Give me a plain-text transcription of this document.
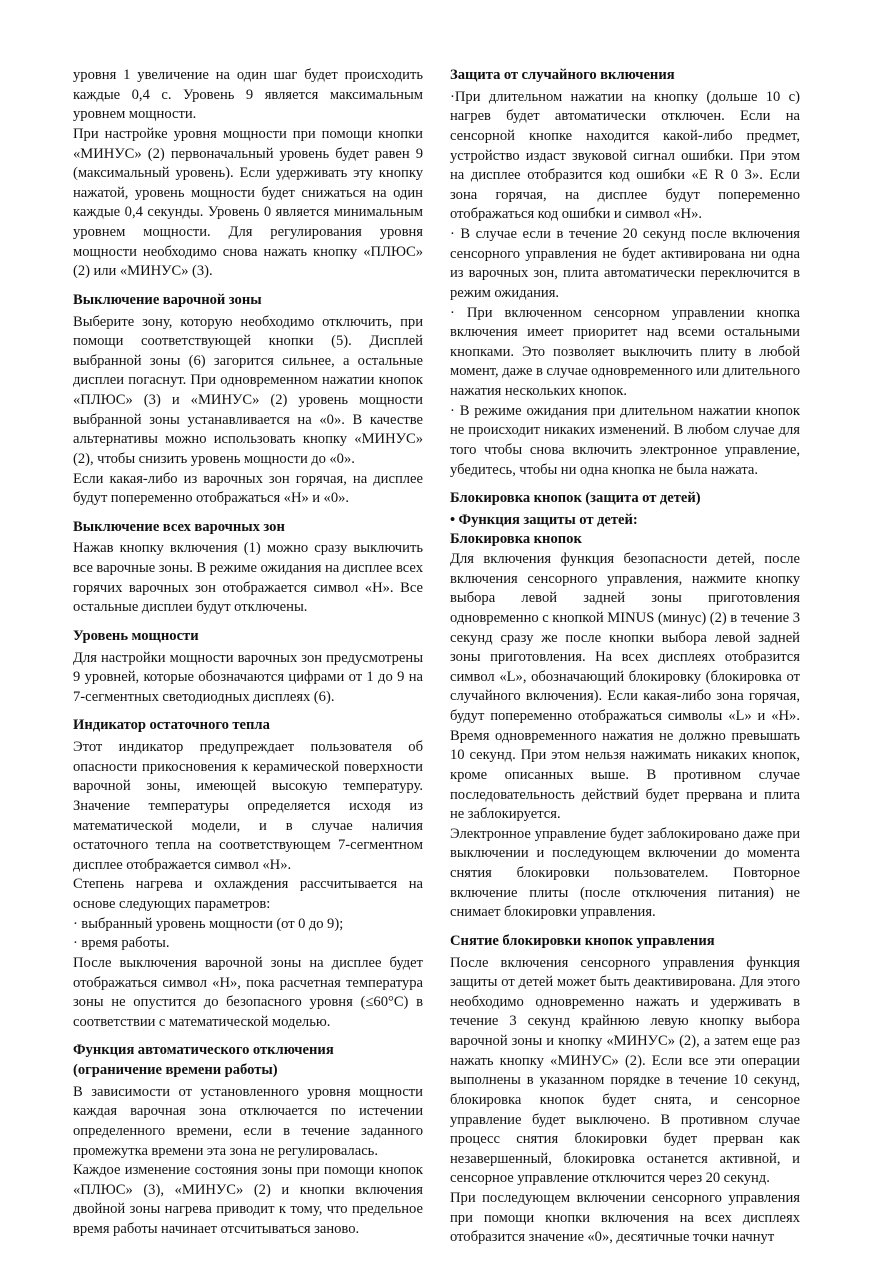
уровня 1 увеличение на один шаг будет происходить каждые 0,4 с. Уровень 9 является максимальным уровнем мощности.

При настройке уровня мощности при помощи кнопки «МИНУС» (2) первоначальный уровень будет равен 9 (максимальный уровень). Если удерживать эту кнопку нажатой, уровень мощности будет снижаться на один каждые 0,4 секунды. Уровень 0 является минимальным уровнем мощности. Для регулирования уровня мощности необходимо снова нажать кнопку «ПЛЮС» (2) или «МИНУС» (3).

Выключение варочной зоны

Выберите зону, которую необходимо отключить, при помощи соответствующей кнопки (5). Дисплей выбранной зоны (6) загорится сильнее, а остальные дисплеи погаснут. При одновременном нажатии кнопок «ПЛЮС» (3) и «МИНУС» (2) уровень мощности выбранной зоны устанавливается на «0». В качестве альтернативы можно использовать кнопку «МИНУС» (2), чтобы снизить уровень мощности до «0».

Если какая-либо из варочных зон горячая, на дисплее будут попеременно отображаться «Н» и «0».

Выключение всех варочных зон

Нажав кнопку включения (1) можно сразу выключить все варочные зоны. В режиме ожидания на дисплее всех горячих варочных зон отображается символ «Н». Все остальные дисплеи будут отключены.

Уровень мощности

Для настройки мощности варочных зон предусмотрены 9 уровней, которые обозначаются цифрами от 1 до 9 на 7-сегментных светодиодных дисплеях (6).

Индикатор остаточного тепла

Этот индикатор предупреждает пользователя об опасности прикосновения к керамической поверхности варочной зоны, имеющей высокую температуру. Значение температуры определяется исходя из математической модели, и в случае наличия остаточного тепла на соответствующем 7-сегментном дисплее отображается символ «Н».

Степень нагрева и охлаждения рассчитывается на основе следующих параметров:

· выбранный уровень мощности (от 0 до 9);

· время работы.

После выключения варочной зоны на дисплее будет отображаться символ «Н», пока расчетная температура зоны не опустится до безопасного уровня (≤60°C) в соответствии с математической моделью.

Функция автоматического отключения (ограничение времени работы)

В зависимости от установленного уровня мощности каждая варочная зона отключается по истечении определенного времени, если в течение заданного промежутка времени эта зона не регулировалась.

Каждое изменение состояния зоны при помощи кнопок «ПЛЮС» (3), «МИНУС» (2) и кнопки включения двойной зоны нагрева приводит к тому, что предельное время работы начинает отсчитываться заново.

Защита от случайного включения

·При длительном нажатии на кнопку (дольше 10 с) нагрев будет автоматически отключен. Если на сенсорной кнопке находится какой-либо предмет, устройство издаст звуковой сигнал ошибки. При этом на дисплее отобразится код ошибки «E R 0 3». Если зона горячая, на дисплее будут попеременно отображаться код ошибки и символ «Н».

· В случае если в течение 20 секунд после включения сенсорного управления не будет активирована ни одна из варочных зон, плита автоматически переключится в режим ожидания.

· При включенном сенсорном управлении кнопка включения имеет приоритет над всеми остальными кнопками. Это позволяет выключить плиту в любой момент, даже в случае одновременного или длительного нажатия нескольких кнопок.

· В режиме ожидания при длительном нажатии кнопок не происходит никаких изменений. В любом случае для того чтобы снова включить электронное управление, убедитесь, чтобы ни одна кнопка не была нажата.

Блокировка кнопок (защита от детей)
• Функция защиты от детей:
Блокировка кнопок

Для включения функция безопасности детей, после включения сенсорного управления, нажмите кнопку выбора левой задней зоны приготовления одновременно с кнопкой MINUS (минус) (2) в течение 3 секунд сразу же после кнопки выбора левой задней зоны приготовления. На всех дисплеях отобразится символ «L», обозначающий блокировку (блокировка от случайного включения). Если какая-либо зона горячая, будут попеременно отображаться символы «L» и «Н». Время одновременного нажатия не должно превышать 10 секунд. При этом нельзя нажимать никаких кнопок, кроме описанных выше. В противном случае последовательность действий будет прервана и плита не заблокируется.

Электронное управление будет заблокировано даже при выключении и последующем включении до момента снятия блокировки пользователем. Повторное включение плиты (после отключения питания) не снимает блокировки управления.

Снятие блокировки кнопок управления

После включения сенсорного управления функция защиты от детей может быть деактивирована. Для этого необходимо одновременно нажать и удерживать в течение 3 секунд крайнюю левую кнопку выбора варочной зоны и кнопку «МИНУС» (2), а затем еще раз нажать кнопку «МИНУС» (2). Если все эти операции выполнены в указанном порядке в течение 10 секунд, блокировка кнопок будет снята, и сенсорное управление будет выключено. В противном случае процесс снятия блокировки будет прерван как незавершенный, блокировка останется активной, и сенсорное управление отключится через 20 секунд.

При последующем включении сенсорного управления при помощи кнопки включения на всех дисплеях отобразится значение «0», десятичные точки начнут
